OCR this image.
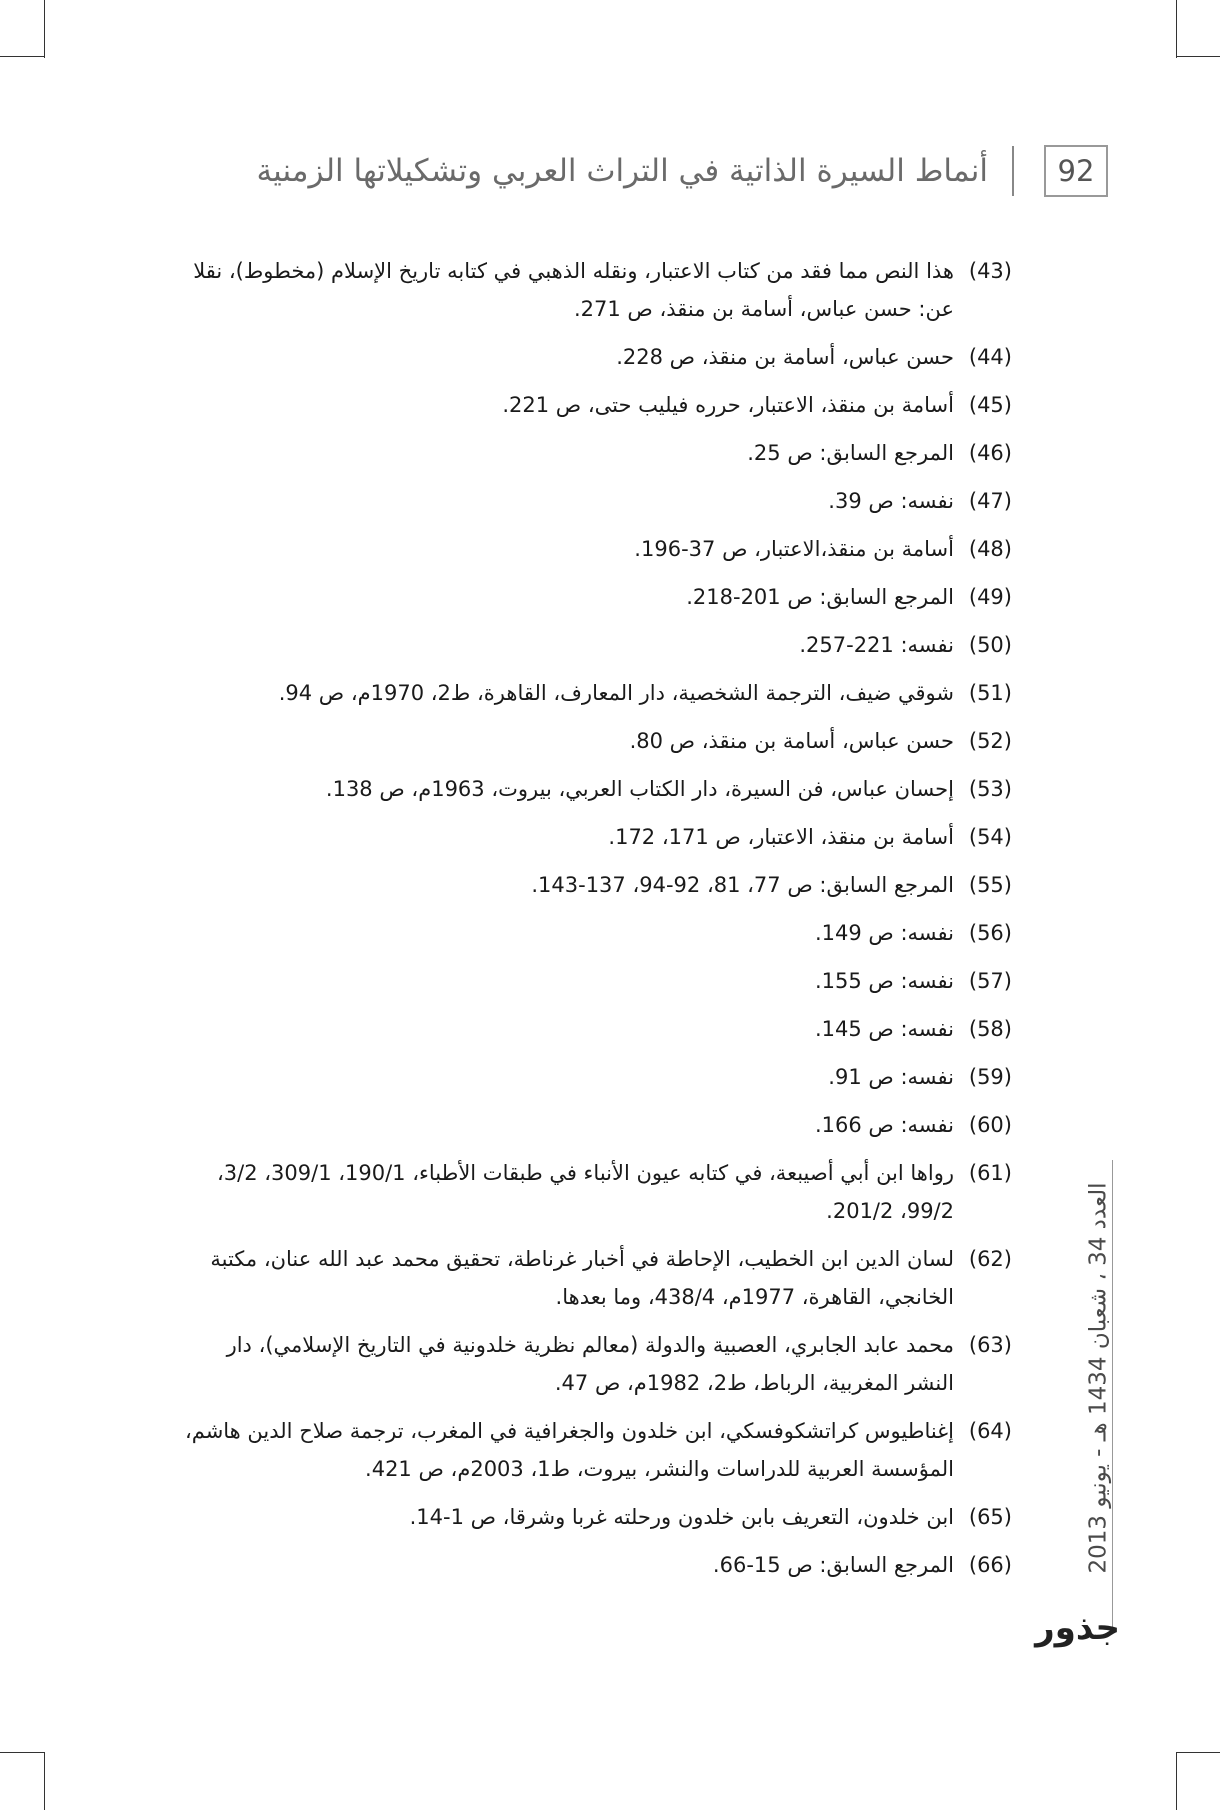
92
أنماط السيرة الذاتية في التراث العربي وتشكيلاتها الزمنية
(43)
هذا النص مما فقد من كتاب الاعتبار، ونقله الذهبي في كتابه تاريخ الإسلام (مخطوط)، نقلا عن: حسن عباس، أسامة بن منقذ، ص 271.
(44)
حسن عباس، أسامة بن منقذ، ص 228.
(45)
أسامة بن منقذ، الاعتبار، حرره فيليب حتى، ص 221.
(46)
المرجع السابق: ص 25.
(47)
نفسه: ص 39.
(48)
أسامة بن منقذ،الاعتبار، ص 37-196.
(49)
المرجع السابق: ص 201-218.
(50)
نفسه: 221-257.
(51)
شوقي ضيف، الترجمة الشخصية، دار المعارف، القاهرة، ط2، 1970م، ص 94.
(52)
حسن عباس، أسامة بن منقذ، ص 80.
(53)
إحسان عباس، فن السيرة، دار الكتاب العربي، بيروت، 1963م، ص 138.
(54)
أسامة بن منقذ، الاعتبار، ص 171، 172.
(55)
المرجع السابق: ص 77، 81، 92-94، 137-143.
(56)
نفسه: ص 149.
(57)
نفسه: ص 155.
(58)
نفسه: ص 145.
(59)
نفسه: ص 91.
(60)
نفسه: ص 166.
(61)
رواها ابن أبي أصيبعة، في كتابه عيون الأنباء في طبقات الأطباء، 190/1، 309/1، 3/2، 99/2، 201/2.
(62)
لسان الدين ابن الخطيب، الإحاطة في أخبار غرناطة، تحقيق محمد عبد الله عنان، مكتبة الخانجي، القاهرة، 1977م، 438/4، وما بعدها.
(63)
محمد عابد الجابري، العصبية والدولة (معالم نظرية خلدونية في التاريخ الإسلامي)، دار النشر المغربية، الرباط، ط2، 1982م، ص 47.
(64)
إغناطيوس كراتشكوفسكي، ابن خلدون والجغرافية في المغرب، ترجمة صلاح الدين هاشم، المؤسسة العربية للدراسات والنشر، بيروت، ط1، 2003م، ص 421.
(65)
ابن خلدون، التعريف بابن خلدون ورحلته غربا وشرقا، ص 1-14.
(66)
المرجع السابق: ص 15-66.	العدد 34 ، شعبان 1434 هـ - يونيو 2013
جذور
